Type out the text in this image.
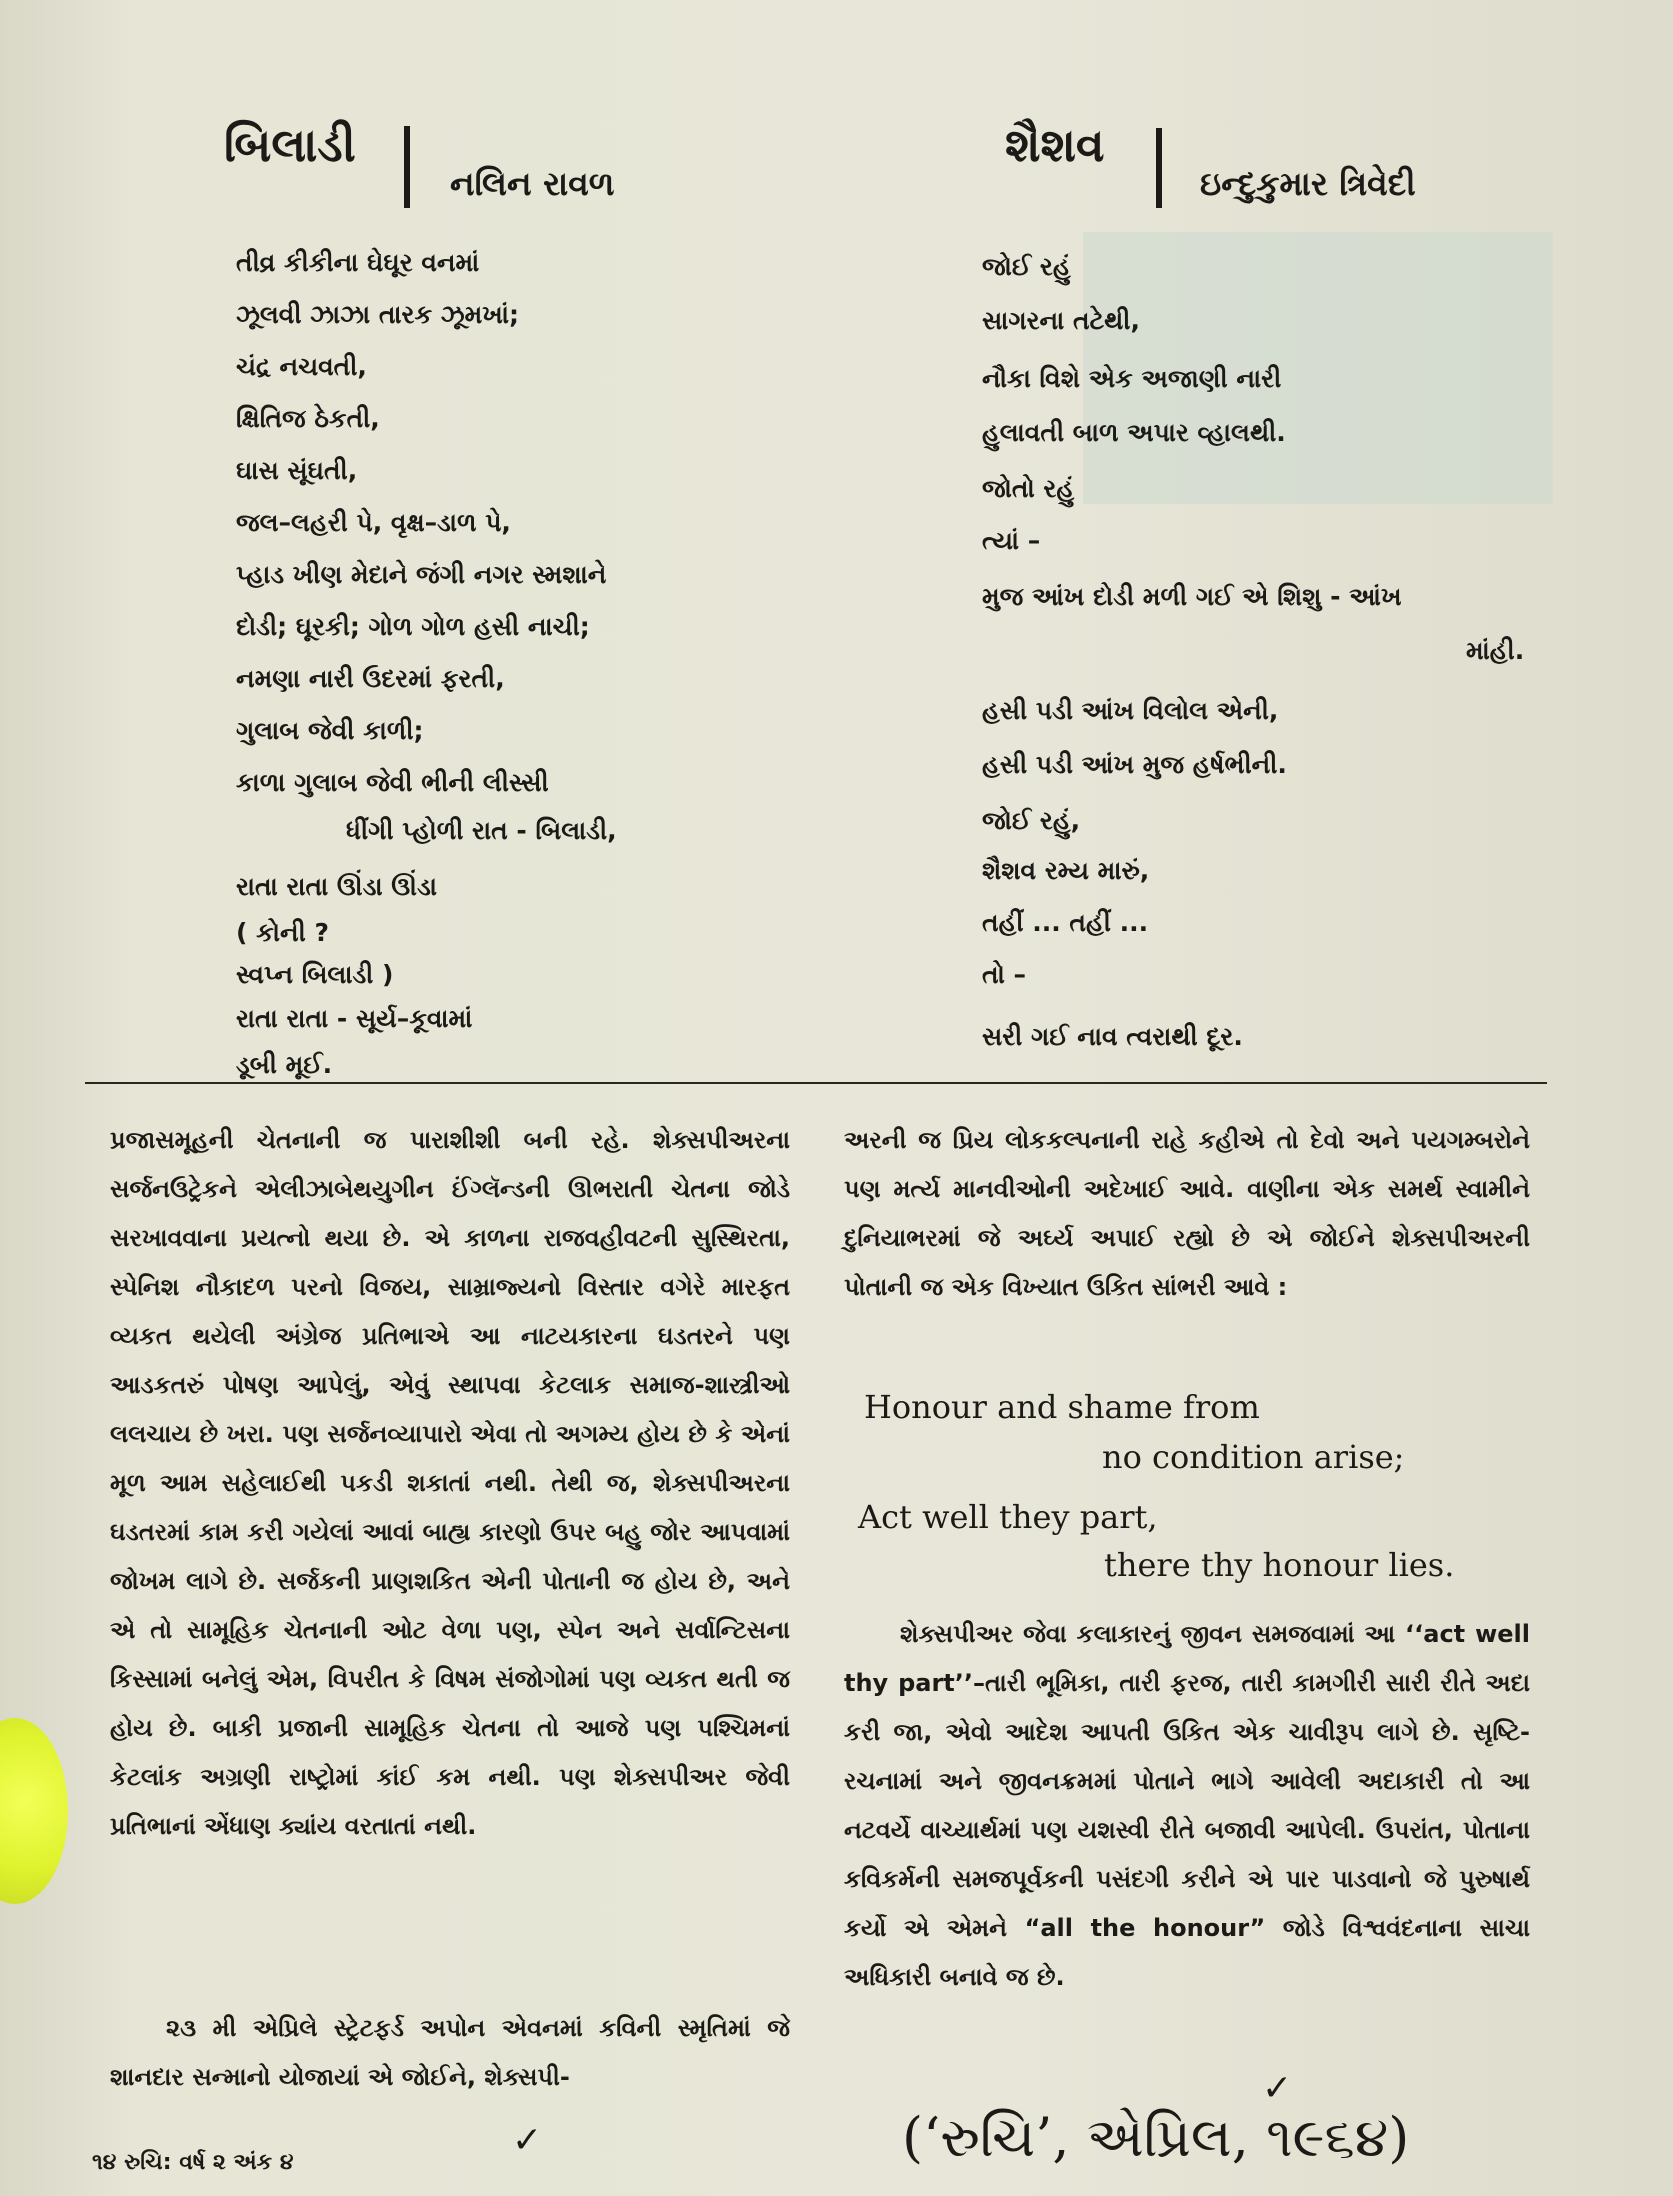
બિલાડી
નલિન રાવળ
તીવ્ર કીકીના ઘેઘૂર વનમાં
ઝૂલવી ઝાઝા તારક ઝૂમખાં;
ચંદ્ર નચવતી,
ક્ષિતિજ ઠેકતી,
ઘાસ સૂંઘતી,
જલ–લહરી પે, વૃક્ષ–ડાળ પે,
પ્હાડ ખીણ મેદાને જંગી નગર સ્મશાને
દોડી; ઘૂરકી; ગોળ ગોળ હસી નાચી;
નમણા નારી ઉદરમાં ફરતી,
ગુલાબ જેવી કાળી;
કાળા ગુલાબ જેવી ભીની લીસ્સી
ધીંગી પ્હોળી રાત - બિલાડી,
રાતા રાતા ઊંડા ઊંડા
( કોની ?
સ્વપ્ન બિલાડી )
રાતા રાતા - સૂર્ય–કૂવામાં
ડૂબી મૂઈ.
શૈશવ
ઇન્દુકુમાર ત્રિવેદી
જોઈ રહું
સાગરના તટેથી,
નૌકા વિશે એક અજાણી નારી
હુલાવતી બાળ અપાર વ્હાલથી.
જોતો રહું
ત્યાં –
મુજ આંખ દોડી મળી ગઈ એ શિશુ - આંખ
માંહી.
હસી પડી આંખ વિલોલ એની,
હસી પડી આંખ મુજ હર્ષભીની.
જોઈ રહું,
શૈશવ રમ્ય મારું,
તહીં ... તહીં ...
તો –
સરી ગઈ નાવ ત્વરાથી દૂર.

પ્રજાસમૂહની ચેતનાની જ પારાશીશી બની રહે. શેક્સપીઅરના સર્જનઉટ્રેકને એલીઝાબેથયુગીન ઈંગ્લૅન્ડની ઊભરાતી ચેતના જોડે સરખાવવાના પ્રયત્નો થયા છે. એ કાળના રાજવહીવટની સુસ્થિરતા, સ્પેનિશ નૌકાદળ પરનો વિજય, સામ્રાજ્યનો વિસ્તાર વગેરે મારફત વ્યકત થયેલી અંગ્રેજ પ્રતિભાએ આ નાટયકારના ઘડતરને પણ આડકતરું પોષણ આપેલું, એવું સ્થાપવા કેટલાક સમાજ-શાસ્ત્રીઓ લલચાય છે ખરા. પણ સર્જનવ્યાપારો એવા તો અગમ્ય હોય છે કે એનાં મૂળ આમ સહેલાઈથી પકડી શકાતાં નથી. તેથી જ, શેક્સપીઅરના ઘડતરમાં કામ કરી ગયેલાં આવાં બાહ્ય કારણો ઉપર બહુ જોર આપવામાં જોખમ લાગે છે. સર્જકની પ્રાણશકિત એની પોતાની જ હોય છે, અને એ તો સામૂહિક ચેતનાની ઓટ વેળા પણ, સ્પેન અને સર્વાન્ટિસના કિસ્સામાં બનેલું એમ, વિપરીત કે વિષમ સંજોગોમાં પણ વ્યકત થતી જ હોય છે. બાકી પ્રજાની સામૂહિક ચેતના તો આજે પણ પશ્ચિમનાં કેટલાંક અગ્રણી રાષ્ટ્રોમાં કાંઈ કમ નથી. પણ શેક્સપીઅર જેવી પ્રતિભાનાં એંધાણ ક્યાંય વરતાતાં નથી.

૨૩ મી એપ્રિલે સ્ટ્રેટફર્ડ અપોન એવનમાં કવિની સ્મૃતિમાં જે શાનદાર સન્માનો યોજાયાં એ જોઈને, શેક્સપી-

અરની જ પ્રિય લોકકલ્પનાની રાહે કહીએ તો દેવો અને પયગમ્બરોને પણ મર્ત્ય માનવીઓની અદેખાઈ આવે. વાણીના એક સમર્થ સ્વામીને દુનિયાભરમાં જે અર્ઘ્ય અપાઈ રહ્યો છે એ જોઈને શેક્સપીઅરની પોતાની જ એક વિખ્યાત ઉકિત સાંભરી આવે :

Honour and shame from
no condition arise;
Act well they part,
there thy honour lies.

શેક્સપીઅર જેવા કલાકારનું જીવન સમજવામાં આ ‘‘act well thy part’’–તારી ભૂમિકા, તારી ફરજ, તારી કામગીરી સારી રીતે અદા કરી જા, એવો આદેશ આપતી ઉકિત એક ચાવીરૂપ લાગે છે. સૃષ્ટિ-રચનામાં અને જીવનક્રમમાં પોતાને ભાગે આવેલી અદાકારી તો આ નટવર્યે વાચ્યાર્થમાં પણ યશસ્વી રીતે બજાવી આપેલી. ઉપરાંત, પોતાના કવિકર્મની સમજપૂર્વકની પસંદગી કરીને એ પાર પાડવાનો જે પુરુષાર્થ કર્યો એ એમને “all the honour” જોડે વિશ્વવંદનાના સાચા અધિકારી બનાવે જ છે.

૧૪ રુચિ: વર્ષ ૨ અંક ૪
✓
✓
(‘રુચિ’, એપ્રિલ, ૧૯૬૪)
